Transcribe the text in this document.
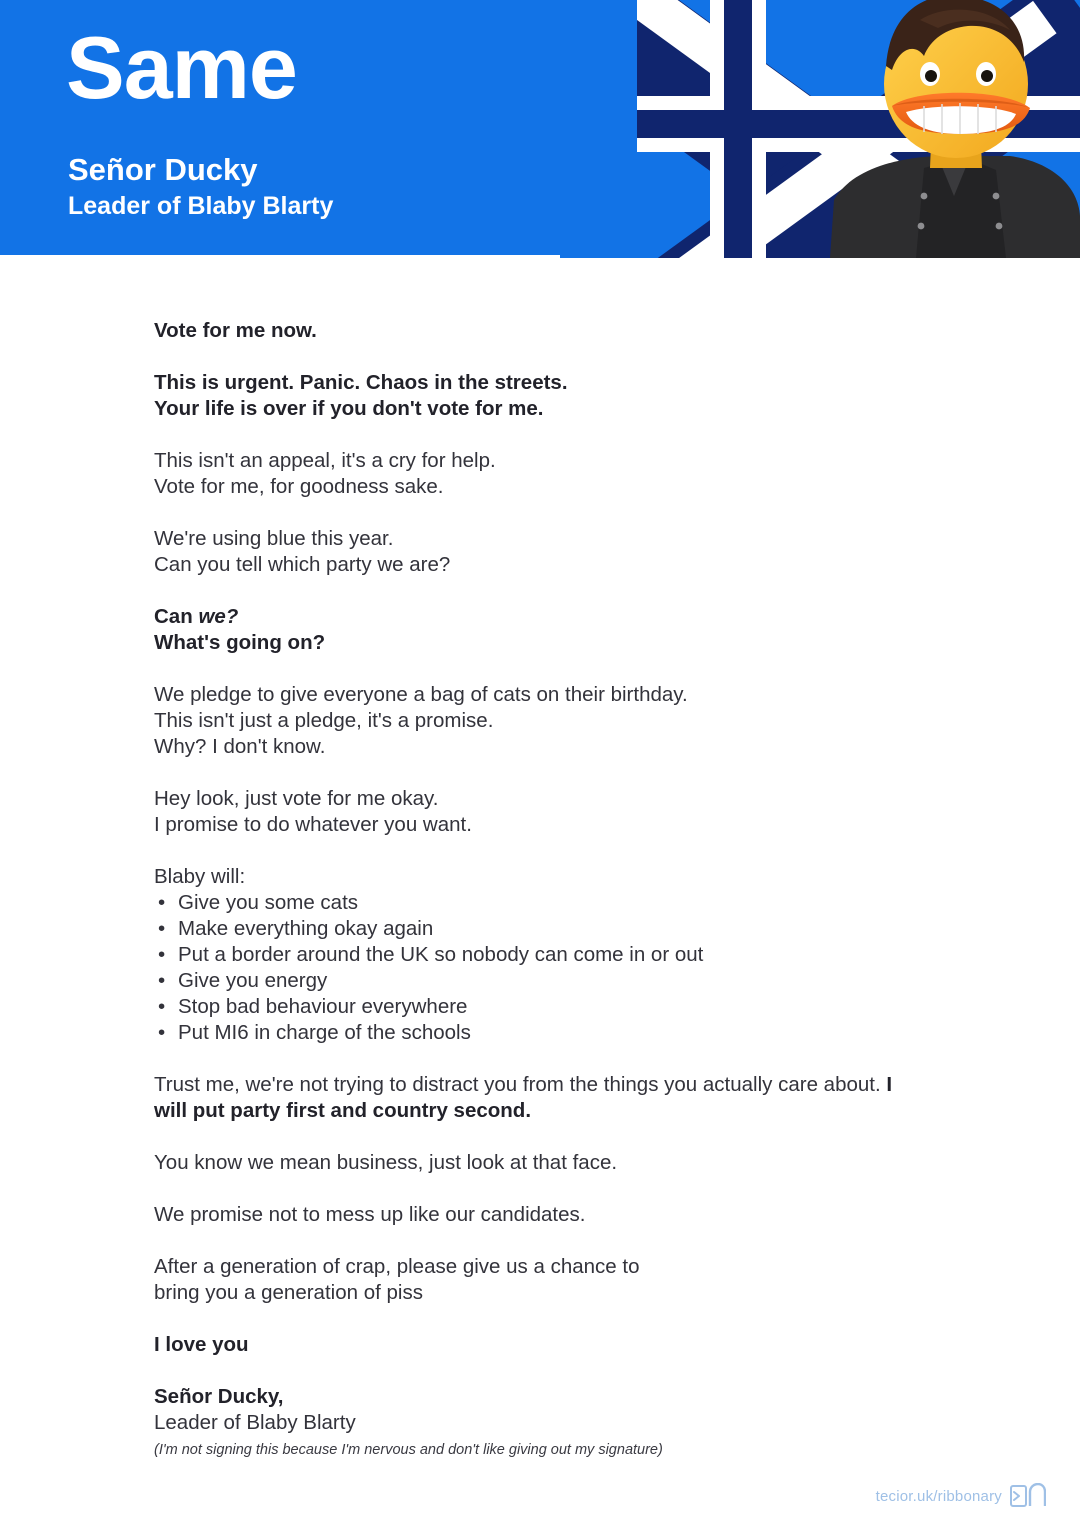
Same
Señor Ducky
Leader of Blaby Blarty
Vote for me now.
This is urgent. Panic. Chaos in the streets.
Your life is over if you don't vote for me.
This isn't an appeal, it's a cry for help.
Vote for me, for goodness sake.
We're using blue this year.
Can you tell which party we are?
Can we?
What's going on?
We pledge to give everyone a bag of cats on their birthday.
This isn't just a pledge, it's a promise.
Why? I don't know.
Hey look, just vote for me okay.
I promise to do whatever you want.
Blaby will:
• Give you some cats
• Make everything okay again
• Put a border around the UK so nobody can come in or out
• Give you energy
• Stop bad behaviour everywhere
• Put MI6 in charge of the schools
Trust me, we're not trying to distract you from the things you actually care about. I will put party first and country second.
You know we mean business, just look at that face.
We promise not to mess up like our candidates.
After a generation of crap, please give us a chance to
bring you a generation of piss
I love you
Señor Ducky,
Leader of Blaby Blarty
(I'm not signing this because I'm nervous and don't like giving out my signature)
tecior.uk/ribbonary
